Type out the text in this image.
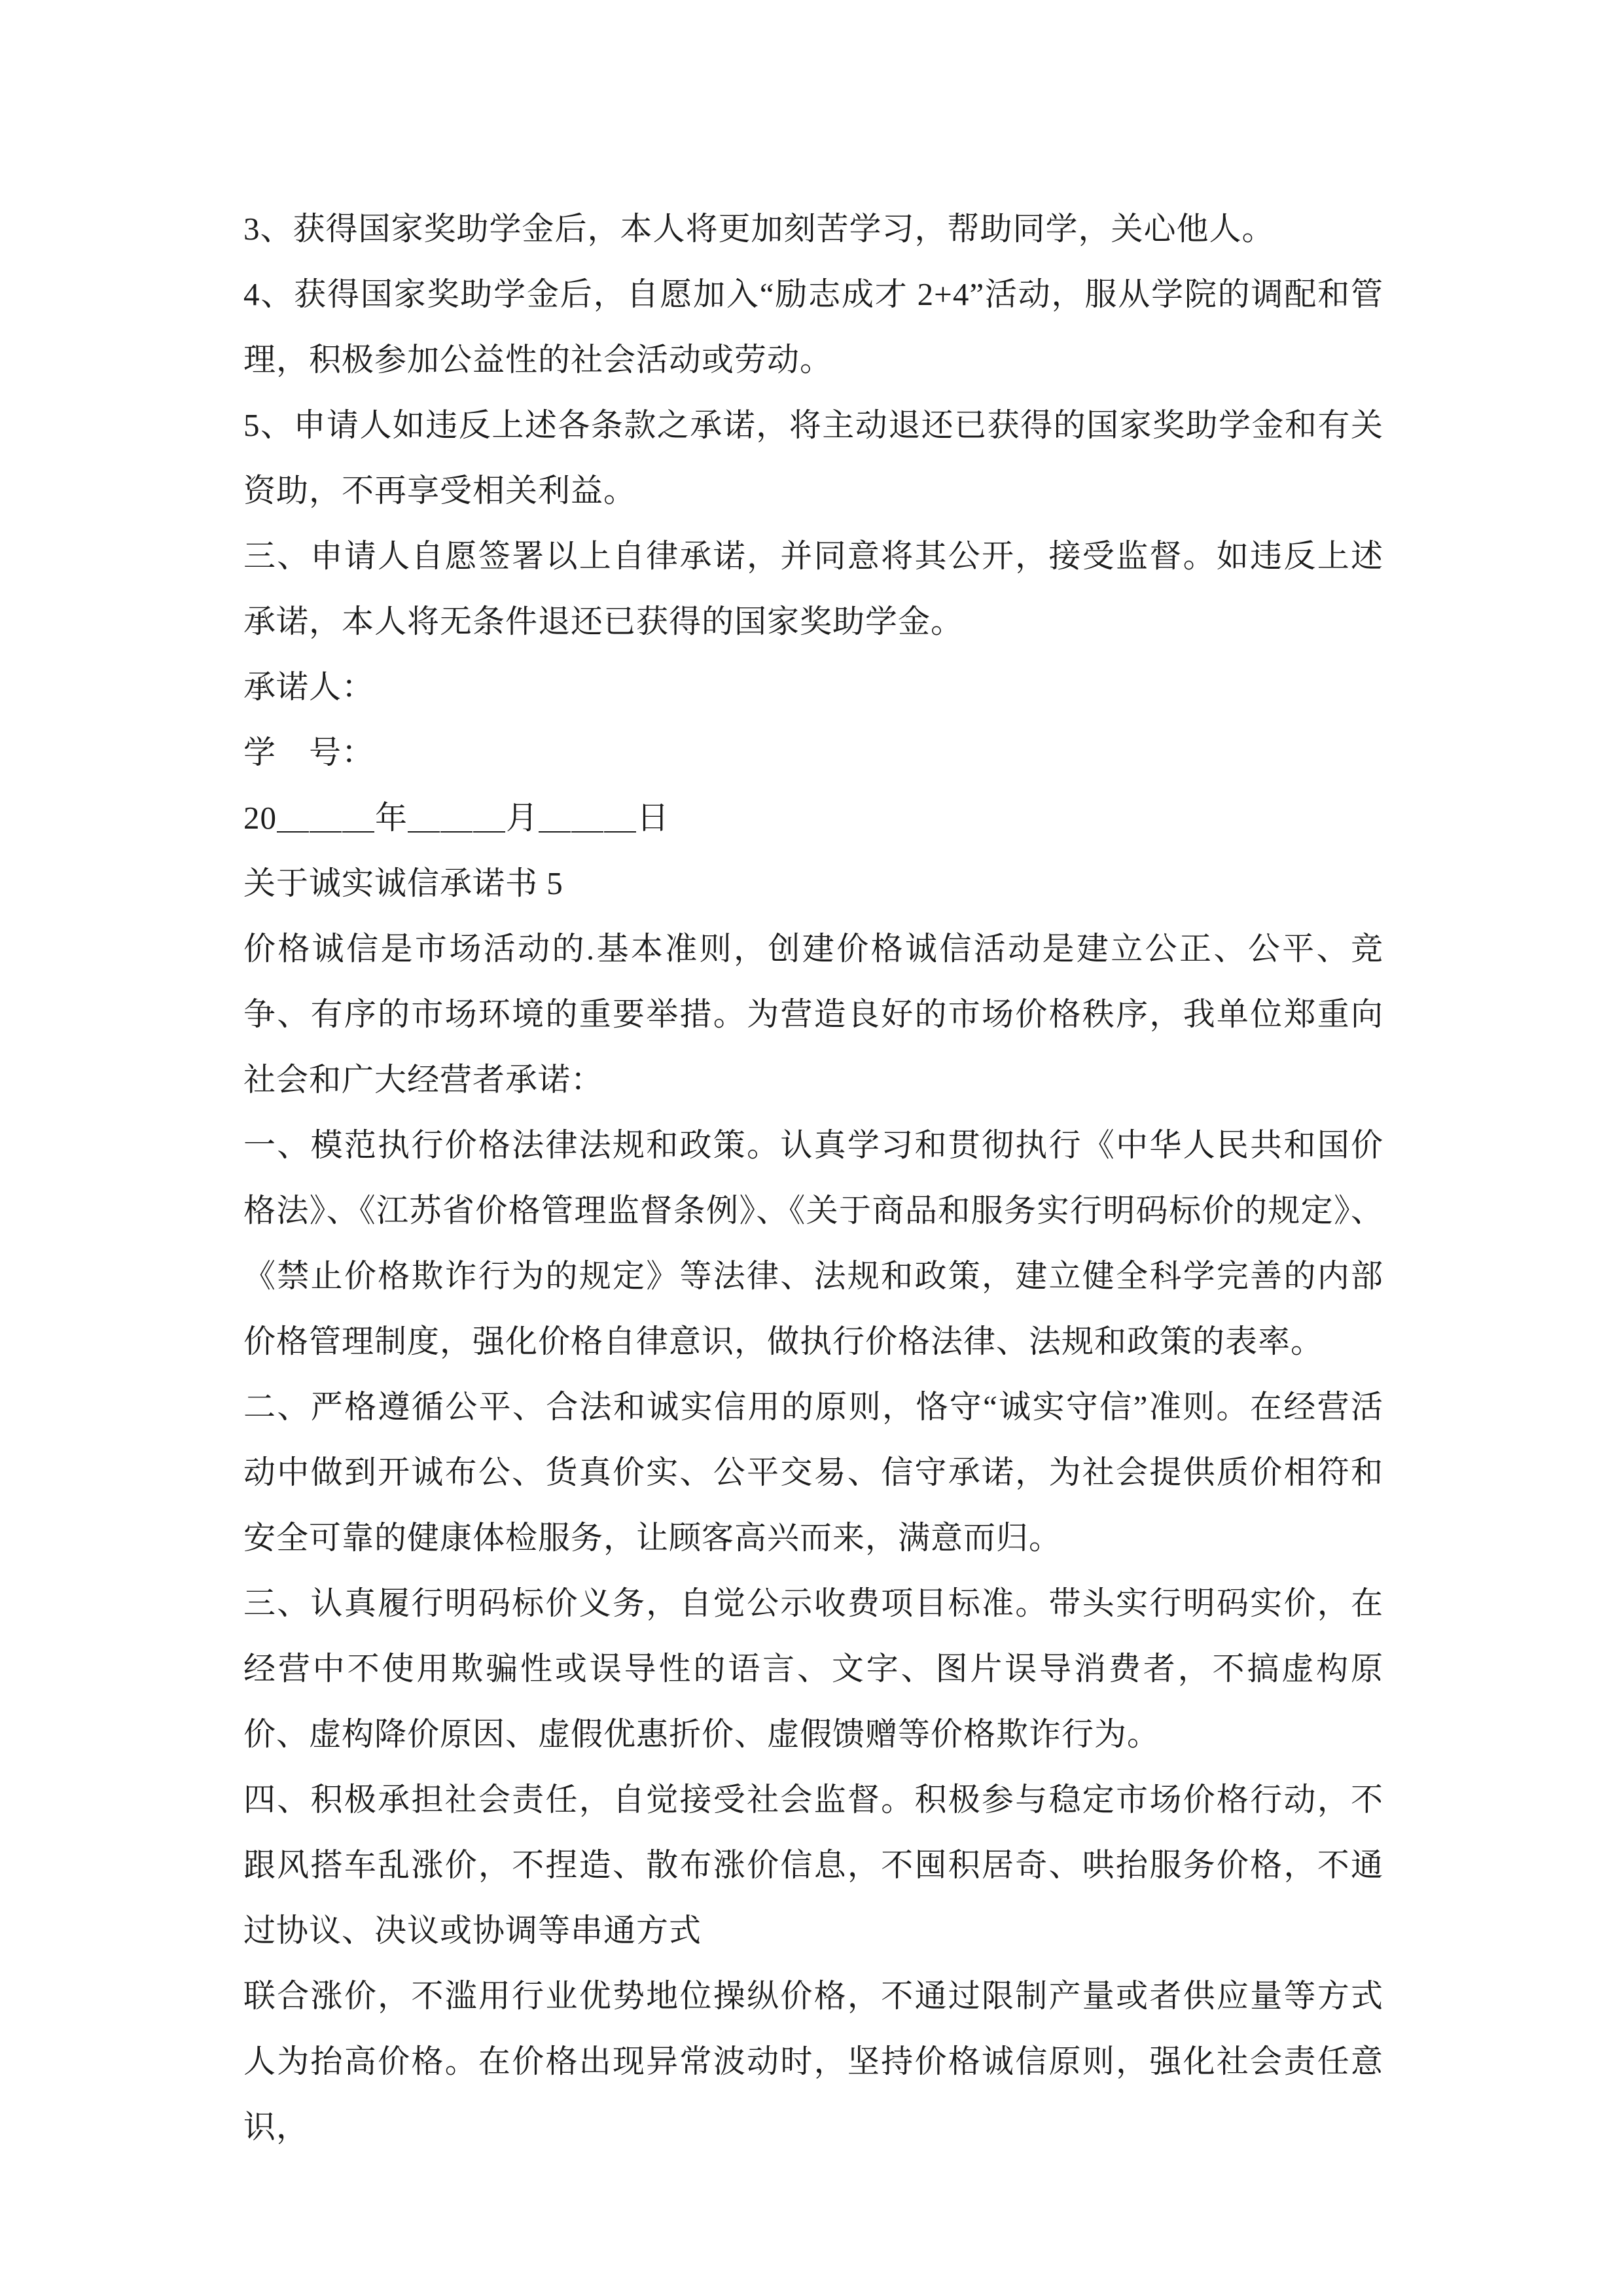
3、获得国家奖助学金后，本人将更加刻苦学习，帮助同学，关心他人。

4、获得国家奖助学金后，自愿加入“励志成才 2+4”活动，服从学院的调配和管理，积极参加公益性的社会活动或劳动。

5、申请人如违反上述各条款之承诺，将主动退还已获得的国家奖助学金和有关资助，不再享受相关利益。

三、申请人自愿签署以上自律承诺，并同意将其公开，接受监督。如违反上述承诺，本人将无条件退还已获得的国家奖助学金。

承诺人：

学　号：

20＿＿＿年＿＿＿月＿＿＿日

关于诚实诚信承诺书 5

价格诚信是市场活动的.基本准则，创建价格诚信活动是建立公正、公平、竞争、有序的市场环境的重要举措。为营造良好的市场价格秩序，我单位郑重向社会和广大经营者承诺：

一、模范执行价格法律法规和政策。认真学习和贯彻执行《中华人民共和国价格法》、《江苏省价格管理监督条例》、《关于商品和服务实行明码标价的规定》、《禁止价格欺诈行为的规定》等法律、法规和政策，建立健全科学完善的内部价格管理制度，强化价格自律意识，做执行价格法律、法规和政策的表率。

二、严格遵循公平、合法和诚实信用的原则，恪守“诚实守信”准则。在经营活动中做到开诚布公、货真价实、公平交易、信守承诺，为社会提供质价相符和安全可靠的健康体检服务，让顾客高兴而来，满意而归。

三、认真履行明码标价义务，自觉公示收费项目标准。带头实行明码实价，在经营中不使用欺骗性或误导性的语言、文字、图片误导消费者，不搞虚构原价、虚构降价原因、虚假优惠折价、虚假馈赠等价格欺诈行为。

四、积极承担社会责任，自觉接受社会监督。积极参与稳定市场价格行动，不跟风搭车乱涨价，不捏造、散布涨价信息，不囤积居奇、哄抬服务价格，不通过协议、决议或协调等串通方式

联合涨价，不滥用行业优势地位操纵价格，不通过限制产量或者供应量等方式人为抬高价格。在价格出现异常波动时，坚持价格诚信原则，强化社会责任意识，
